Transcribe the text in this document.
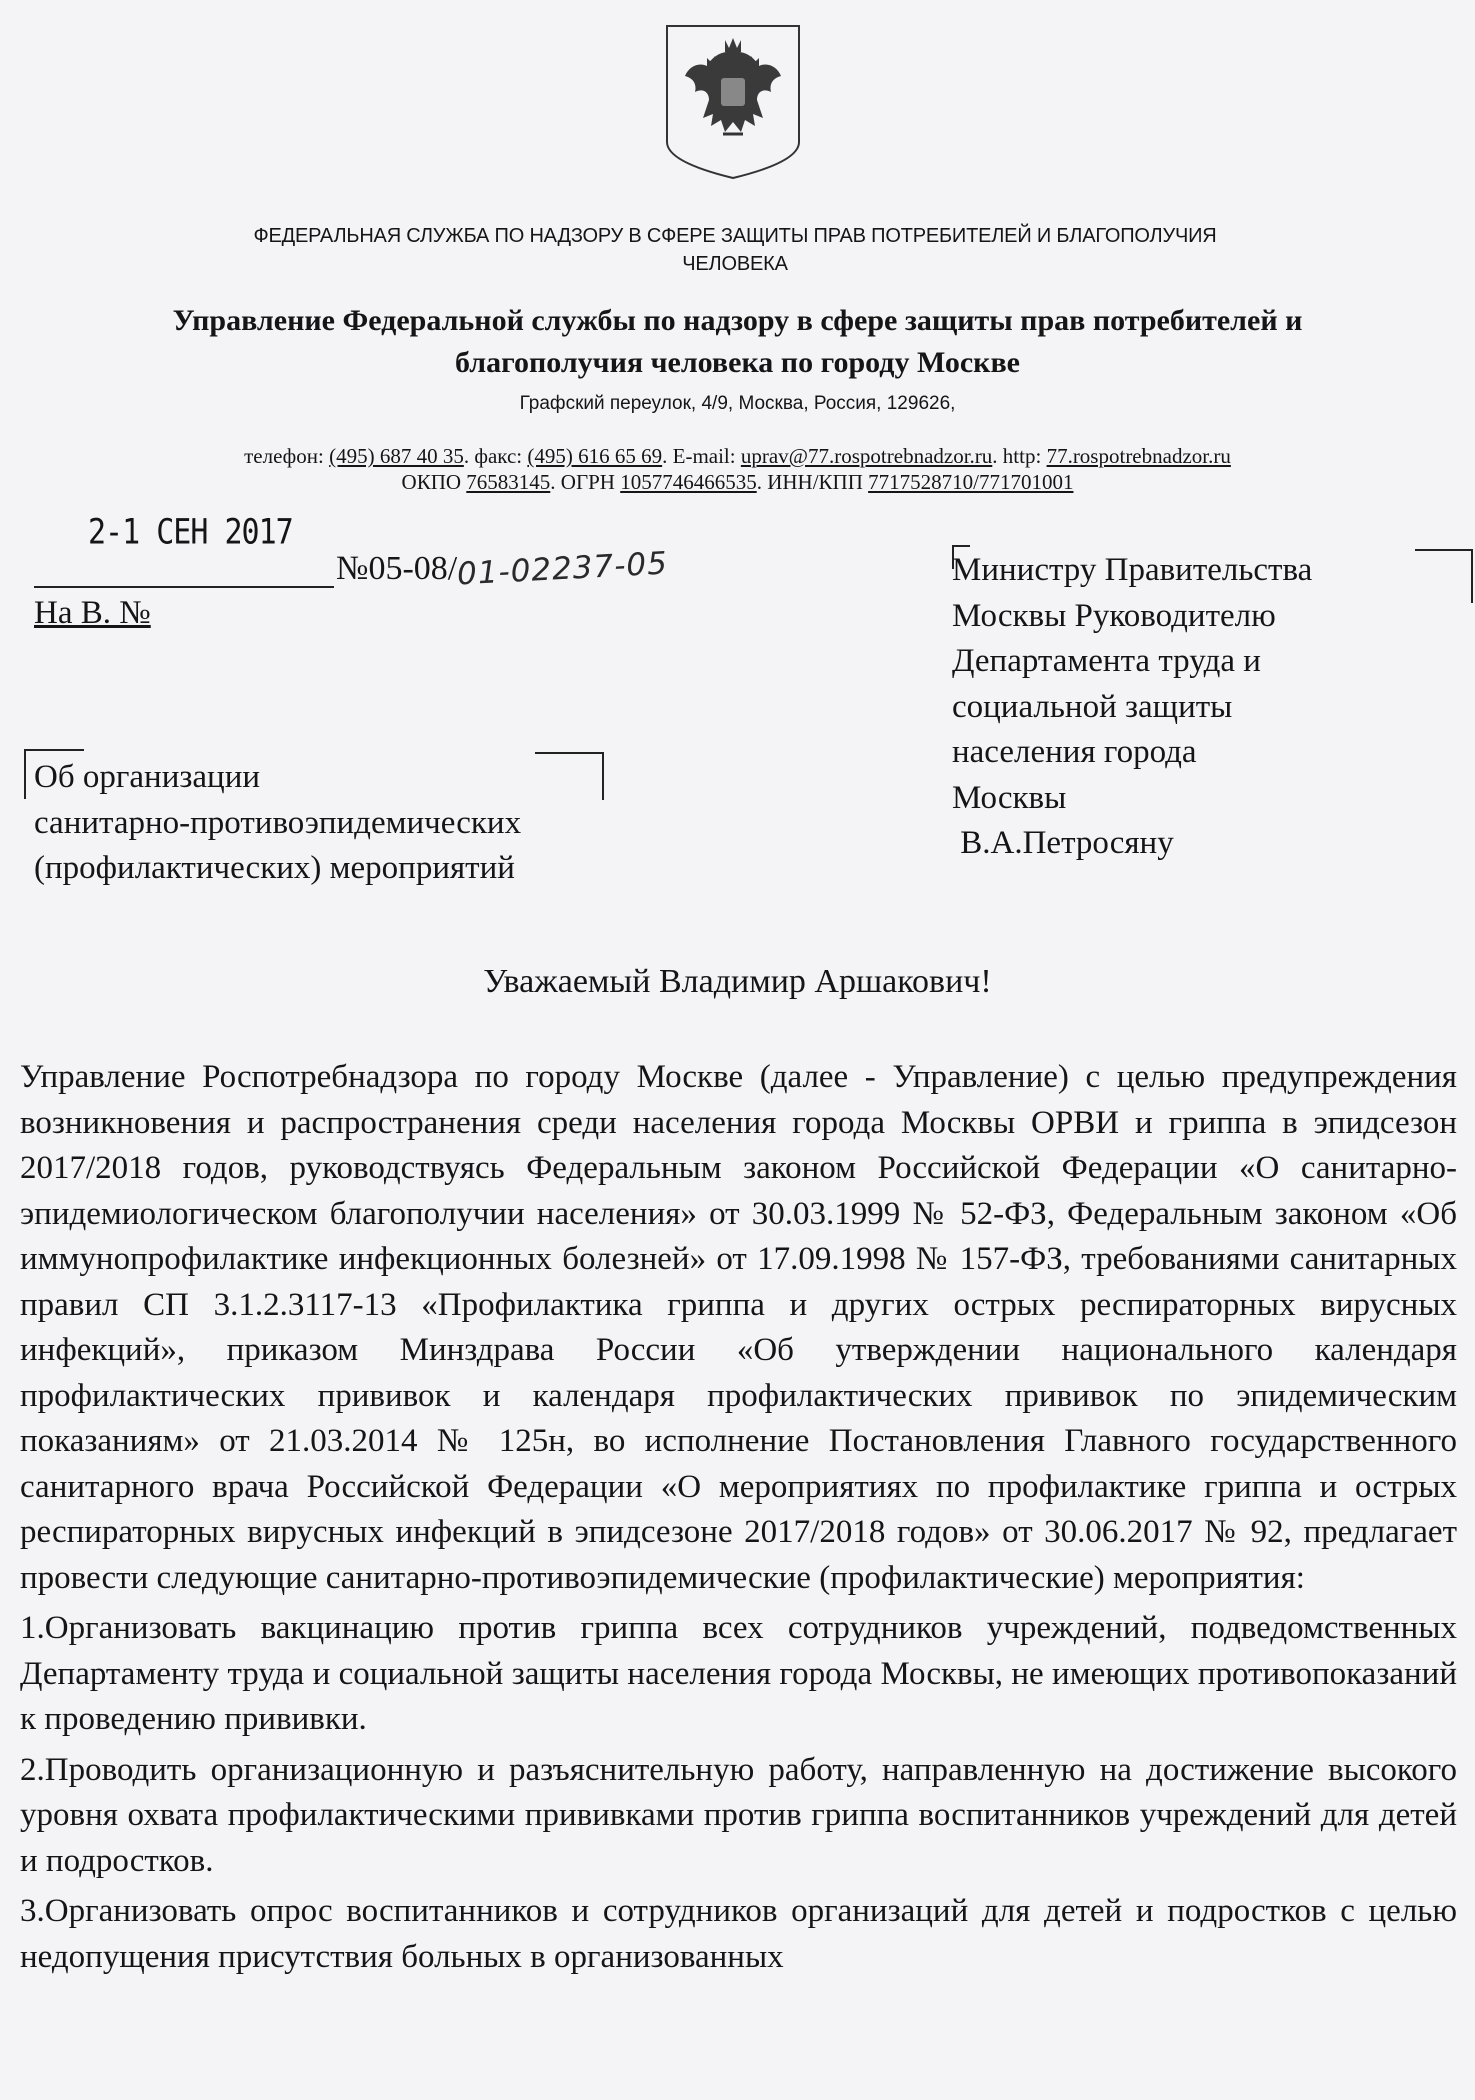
ФЕДЕРАЛЬНАЯ СЛУЖБА ПО НАДЗОРУ В СФЕРЕ ЗАЩИТЫ ПРАВ ПОТРЕБИТЕЛЕЙ И БЛАГОПОЛУЧИЯ
ЧЕЛОВЕКА
Управление Федеральной службы по надзору в сфере защиты прав потребителей и
благополучия человека по городу Москве
Графский переулок, 4/9, Москва, Россия, 129626,
телефон: (495) 687 40 35. факс: (495) 616 65 69. E-mail: uprav@77.rospotrebnadzor.ru. http: 77.rospotrebnadzor.ru
ОКПО 76583145. ОГРН 1057746466535. ИНН/КПП 7717528710/771701001
2-1 СЕН 2017
№05-08/01-02237-05
На В. №
Министру Правительства
Москвы Руководителю
Департамента труда и
социальной защиты
населения города
Москвы
В.А.Петросяну
Об организации
санитарно-противоэпидемических
(профилактических) мероприятий
Уважаемый Владимир Аршакович!

Управление Роспотребнадзора по городу Москве (далее - Управление) с целью предупреждения возникновения и распространения среди населения города Москвы ОРВИ и гриппа в эпидсезон 2017/2018 годов, руководствуясь Федеральным законом Российской Федерации «О санитарно-эпидемиологическом благополучии населения» от 30.03.1999 № 52-ФЗ, Федеральным законом «Об иммунопрофилактике инфекционных болезней» от 17.09.1998 № 157-ФЗ, требованиями санитарных правил СП 3.1.2.3117-13 «Профилактика гриппа и других острых респираторных вирусных инфекций», приказом Минздрава России «Об утверждении национального календаря профилактических прививок и календаря профилактических прививок по эпидемическим показаниям» от 21.03.2014 № 125н, во исполнение Постановления Главного государственного санитарного врача Российской Федерации «О мероприятиях по профилактике гриппа и острых респираторных вирусных инфекций в эпидсезоне 2017/2018 годов» от 30.06.2017 № 92, предлагает провести следующие санитарно-противоэпидемические (профилактические) мероприятия:

1.Организовать вакцинацию против гриппа всех сотрудников учреждений, подведомственных Департаменту труда и социальной защиты населения города Москвы, не имеющих противопоказаний к проведению прививки.

2.Проводить организационную и разъяснительную работу, направленную на достижение высокого уровня охвата профилактическими прививками против гриппа воспитанников учреждений для детей и подростков.

3.Организовать опрос воспитанников и сотрудников организаций для детей и подростков с целью недопущения присутствия больных в организованных
